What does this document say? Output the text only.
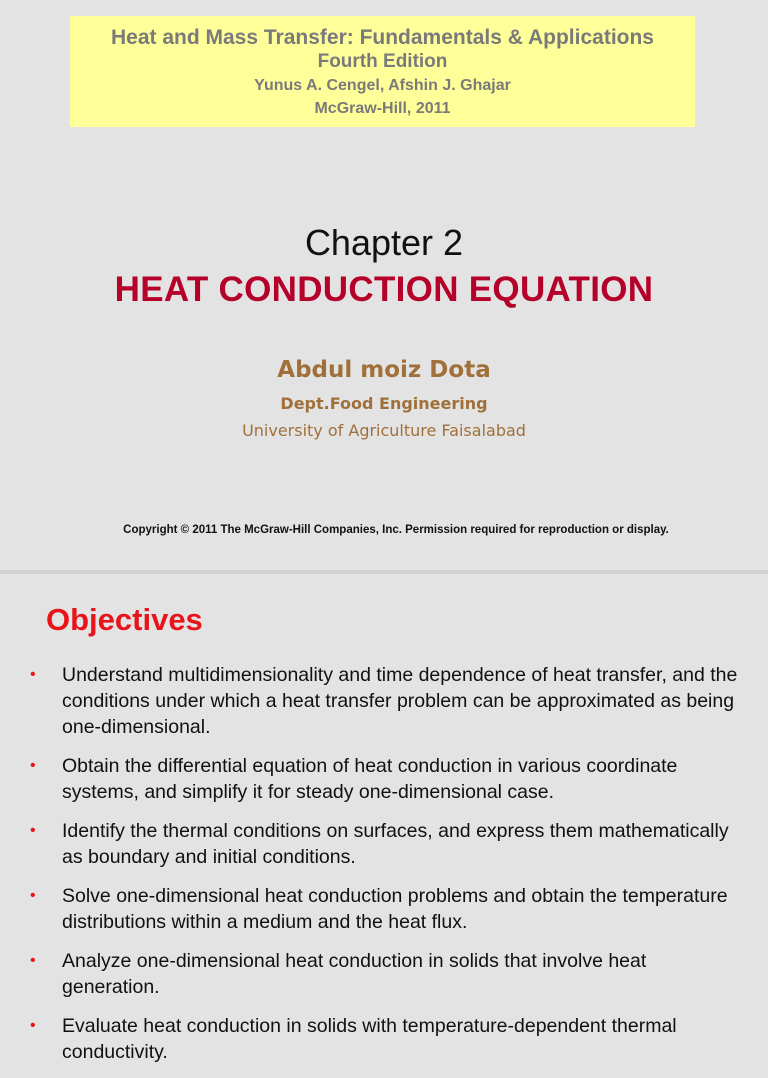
Heat and Mass Transfer: Fundamentals & Applications
Fourth Edition
Yunus A. Cengel, Afshin J. Ghajar
McGraw-Hill, 2011
Chapter 2
HEAT CONDUCTION EQUATION
Abdul moiz Dota
Dept.Food Engineering
University of Agriculture Faisalabad
Copyright © 2011 The McGraw-Hill Companies, Inc. Permission required for reproduction or display.
Objectives
• Understand multidimensionality and time dependence of heat transfer, and the conditions under which a heat transfer problem can be approximated as being one-dimensional.
• Obtain the differential equation of heat conduction in various coordinate systems, and simplify it for steady one-dimensional case.
• Identify the thermal conditions on surfaces, and express them mathematically as boundary and initial conditions.
• Solve one-dimensional heat conduction problems and obtain the temperature distributions within a medium and the heat flux.
• Analyze one-dimensional heat conduction in solids that involve heat generation.
• Evaluate heat conduction in solids with temperature-dependent thermal conductivity.
